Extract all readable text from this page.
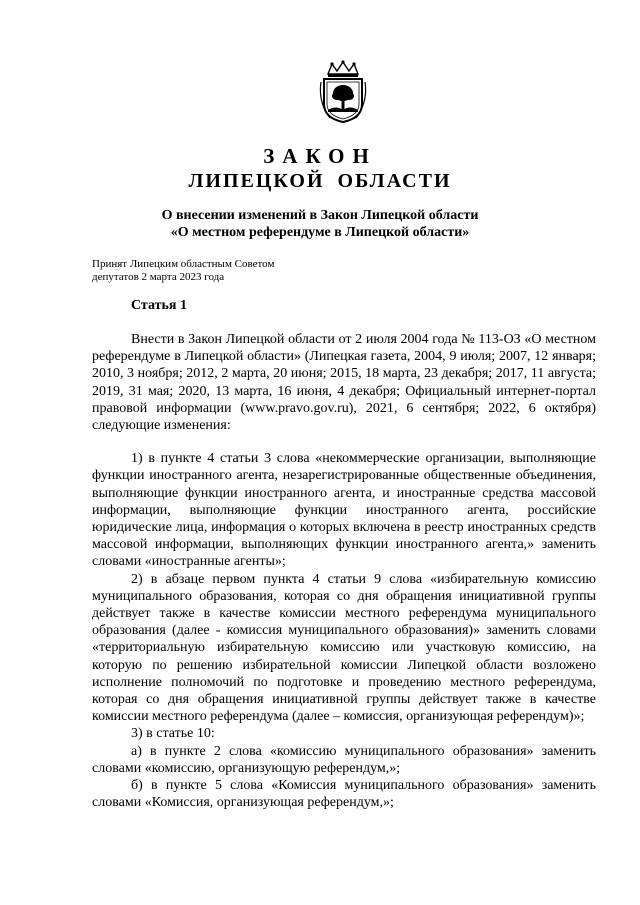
ЗАКОН
ЛИПЕЦКОЙ ОБЛАСТИ
О внесении изменений в Закон Липецкой области
«О местном референдуме в Липецкой области»
Принят Липецким областным Советом
депутатов 2 марта 2023 года
Статья 1

Внести в Закон Липецкой области от 2 июля 2004 года № 113-ОЗ «О местном референдуме в Липецкой области» (Липецкая газета, 2004, 9 июля; 2007, 12 января; 2010, 3 ноября; 2012, 2 марта, 20 июня; 2015, 18 марта, 23 декабря; 2017, 11 августа; 2019, 31 мая; 2020, 13 марта, 16 июня, 4 декабря; Официальный интернет-портал правовой информации (www.pravo.gov.ru), 2021, 6 сентября; 2022, 6 октября) следующие изменения:

1) в пункте 4 статьи 3 слова «некоммерческие организации, выполняющие функции иностранного агента, незарегистрированные общественные объединения, выполняющие функции иностранного агента, и иностранные средства массовой информации, выполняющие функции иностранного агента, российские юридические лица, информация о которых включена в реестр иностранных средств массовой информации, выполняющих функции иностранного агента,» заменить словами «иностранные агенты»;

2) в абзаце первом пункта 4 статьи 9 слова «избирательную комиссию муниципального образования, которая со дня обращения инициативной группы действует также в качестве комиссии местного референдума муниципального образования (далее - комиссия муниципального образования)» заменить словами «территориальную избирательную комиссию или участковую комиссию, на которую по решению избирательной комиссии Липецкой области возложено исполнение полномочий по подготовке и проведению местного референдума, которая со дня обращения инициативной группы действует также в качестве комиссии местного референдума (далее – комиссия, организующая референдум)»;

3) в статье 10:

а) в пункте 2 слова «комиссию муниципального образования» заменить словами «комиссию, организующую референдум,»;

б) в пункте 5 слова «Комиссия муниципального образования» заменить словами «Комиссия, организующая референдум,»;
